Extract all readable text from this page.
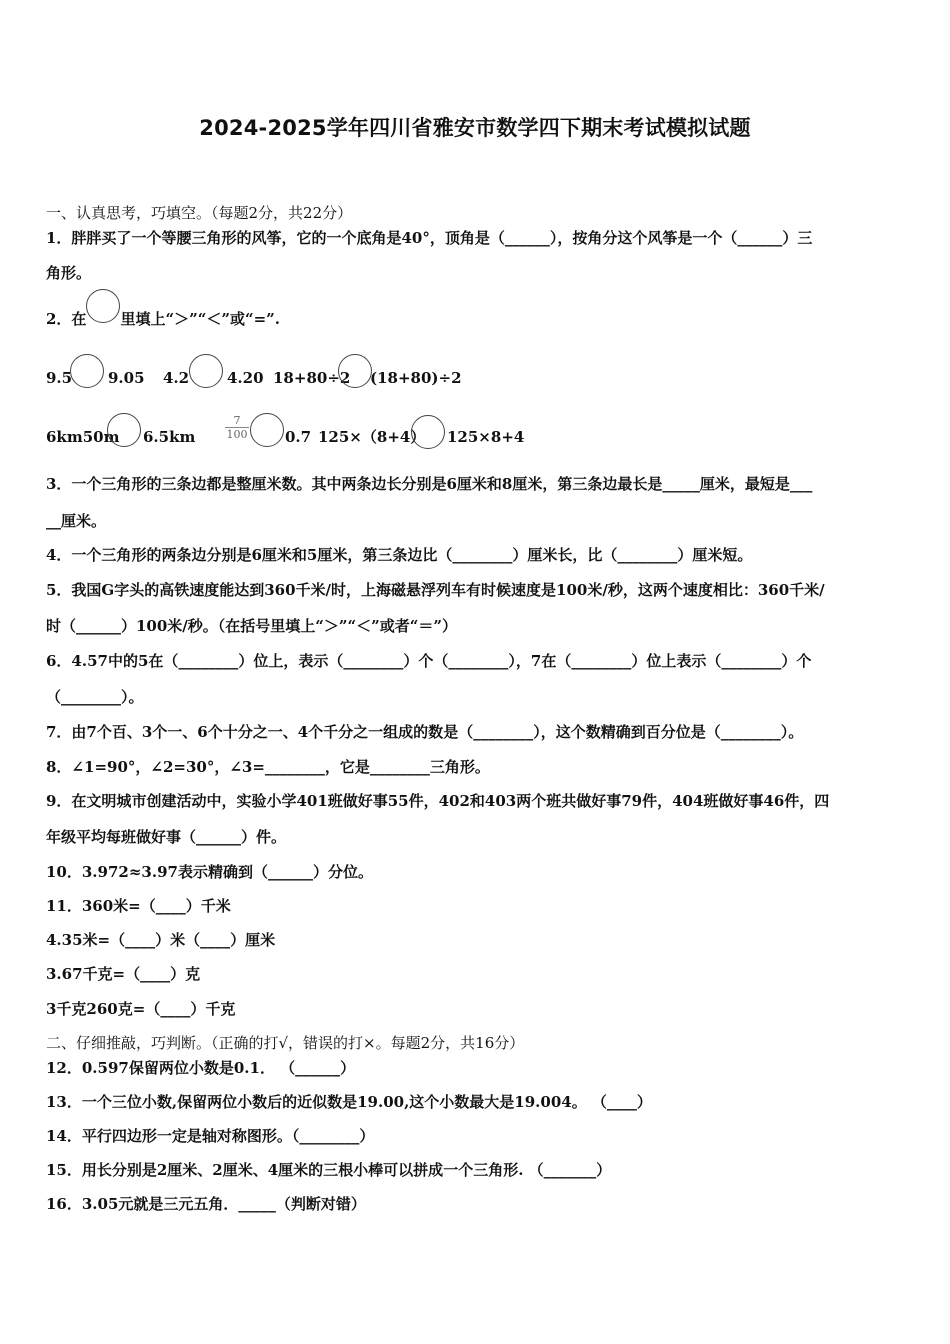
2024-2025学年四川省雅安市数学四下期末考试模拟试题
一、认真思考，巧填空。（每题2分，共22分）
1．胖胖买了一个等腰三角形的风筝，它的一个底角是40°，顶角是（______），按角分这个风筝是一个（______）三
角形。
2．在 里填上“＞”“＜”或“=”.
9.5 9.05 4.2	4.20 18+80÷2 (18+80)÷2
6km50m 6.5km	$\frac{7}{100} 0.7$ 125×（8+4） 125×8+4
3．一个三角形的三条边都是整厘米数。其中两条边长分别是6厘米和8厘米，第三条边最长是_____厘米，最短是___
__厘米。
4．一个三角形的两条边分别是6厘米和5厘米，第三条边比（________）厘米长，比（________）厘米短。
5．我国G字头的高铁速度能达到360千米/时，上海磁悬浮列车有时候速度是100米/秒，这两个速度相比：360千米/
时（______）100米/秒。（在括号里填上“＞”“＜”或者“＝”）
6．4.57中的5在（________）位上，表示（________）个（________），7在（________）位上表示（________）个
（________）。
7．由7个百、3个一、6个十分之一、4个千分之一组成的数是（________），这个数精确到百分位是（________）。
8．∠1=90°，∠2=30°，∠3=________，它是________三角形。
9．在文明城市创建活动中，实验小学401班做好事55件，402和403两个班共做好事79件，404班做好事46件，四
年级平均每班做好事（______）件。
10．3.972≈3.97表示精确到（______）分位。
11．360米=（____）千米
4.35米=（____）米（____）厘米
3.67千克=（____）克
3千克260克=（____）千克
二、仔细推敲，巧判断。（正确的打√，错误的打×。每题2分，共16分）
12．0.597保留两位小数是0.1． （______）
13．一个三位小数,保留两位小数后的近似数是19.00,这个小数最大是19.004。 （____）
14．平行四边形一定是轴对称图形。（________）
15．用长分别是2厘米、2厘米、4厘米的三根小棒可以拼成一个三角形. （_______）
16．3.05元就是三元五角．_____（判断对错）
